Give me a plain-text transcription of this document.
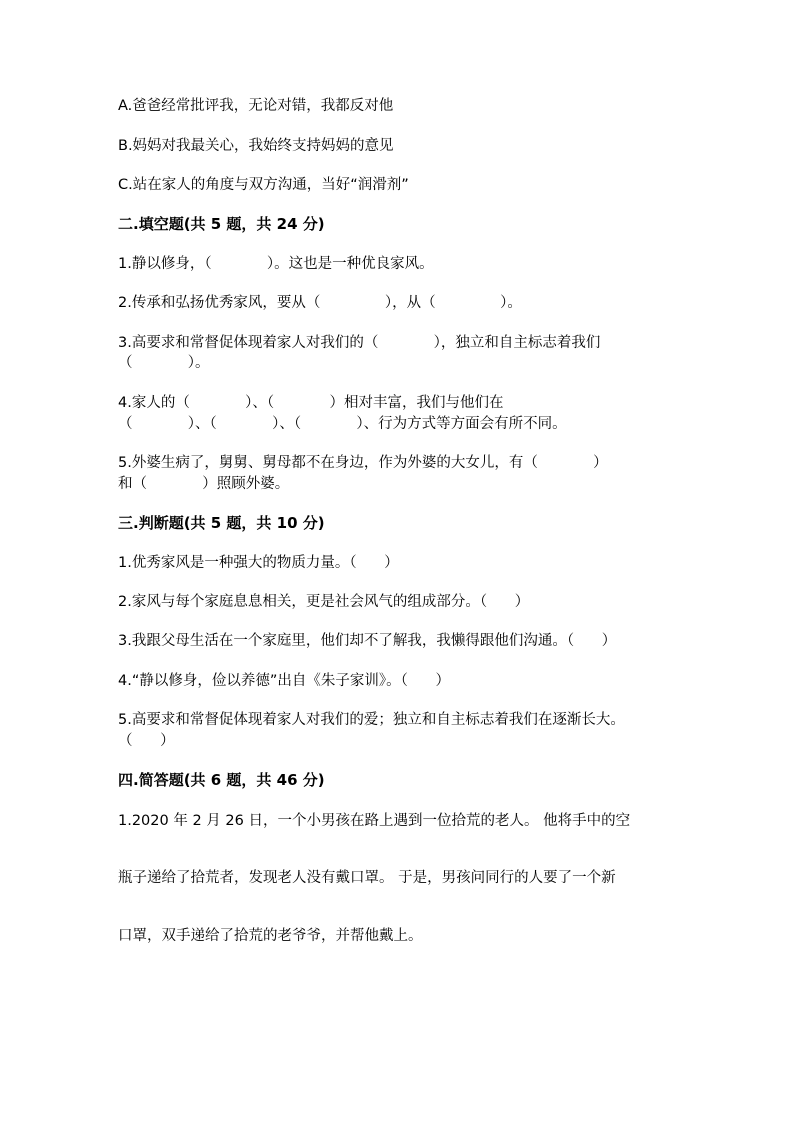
A.爸爸经常批评我，无论对错，我都反对他
B.妈妈对我最关心，我始终支持妈妈的意见
C.站在家人的角度与双方沟通，当好“润滑剂”
二.填空题(共 5 题，共 24 分)
1.静以修身，（            ）。这也是一种优良家风。
2.传承和弘扬优秀家风，要从（              ），从（              ）。
3.高要求和常督促体现着家人对我们的（            ），独立和自主标志着我们
（            ）。
4.家人的（            ）、（            ）相对丰富，我们与他们在
（            ）、（            ）、（            ）、行为方式等方面会有所不同。
5.外婆生病了，舅舅、舅母都不在身边，作为外婆的大女儿，有（            ）
和（            ）照顾外婆。
三.判断题(共 5 题，共 10 分)
1.优秀家风是一种强大的物质力量。（      ）
2.家风与每个家庭息息相关，更是社会风气的组成部分。（      ）
3.我跟父母生活在一个家庭里，他们却不了解我，我懒得跟他们沟通。（      ）
4.“静以修身，俭以养德”出自《朱子家训》。（      ）
5.高要求和常督促体现着家人对我们的爱；独立和自主标志着我们在逐渐长大。
（      ）
四.简答题(共 6 题，共 46 分)
1.2020 年 2 月 26 日，一个小男孩在路上遇到一位拾荒的老人。 他将手中的空
瓶子递给了拾荒者，发现老人没有戴口罩。 于是，男孩问同行的人要了一个新
口罩，双手递给了拾荒的老爷爷，并帮他戴上。
